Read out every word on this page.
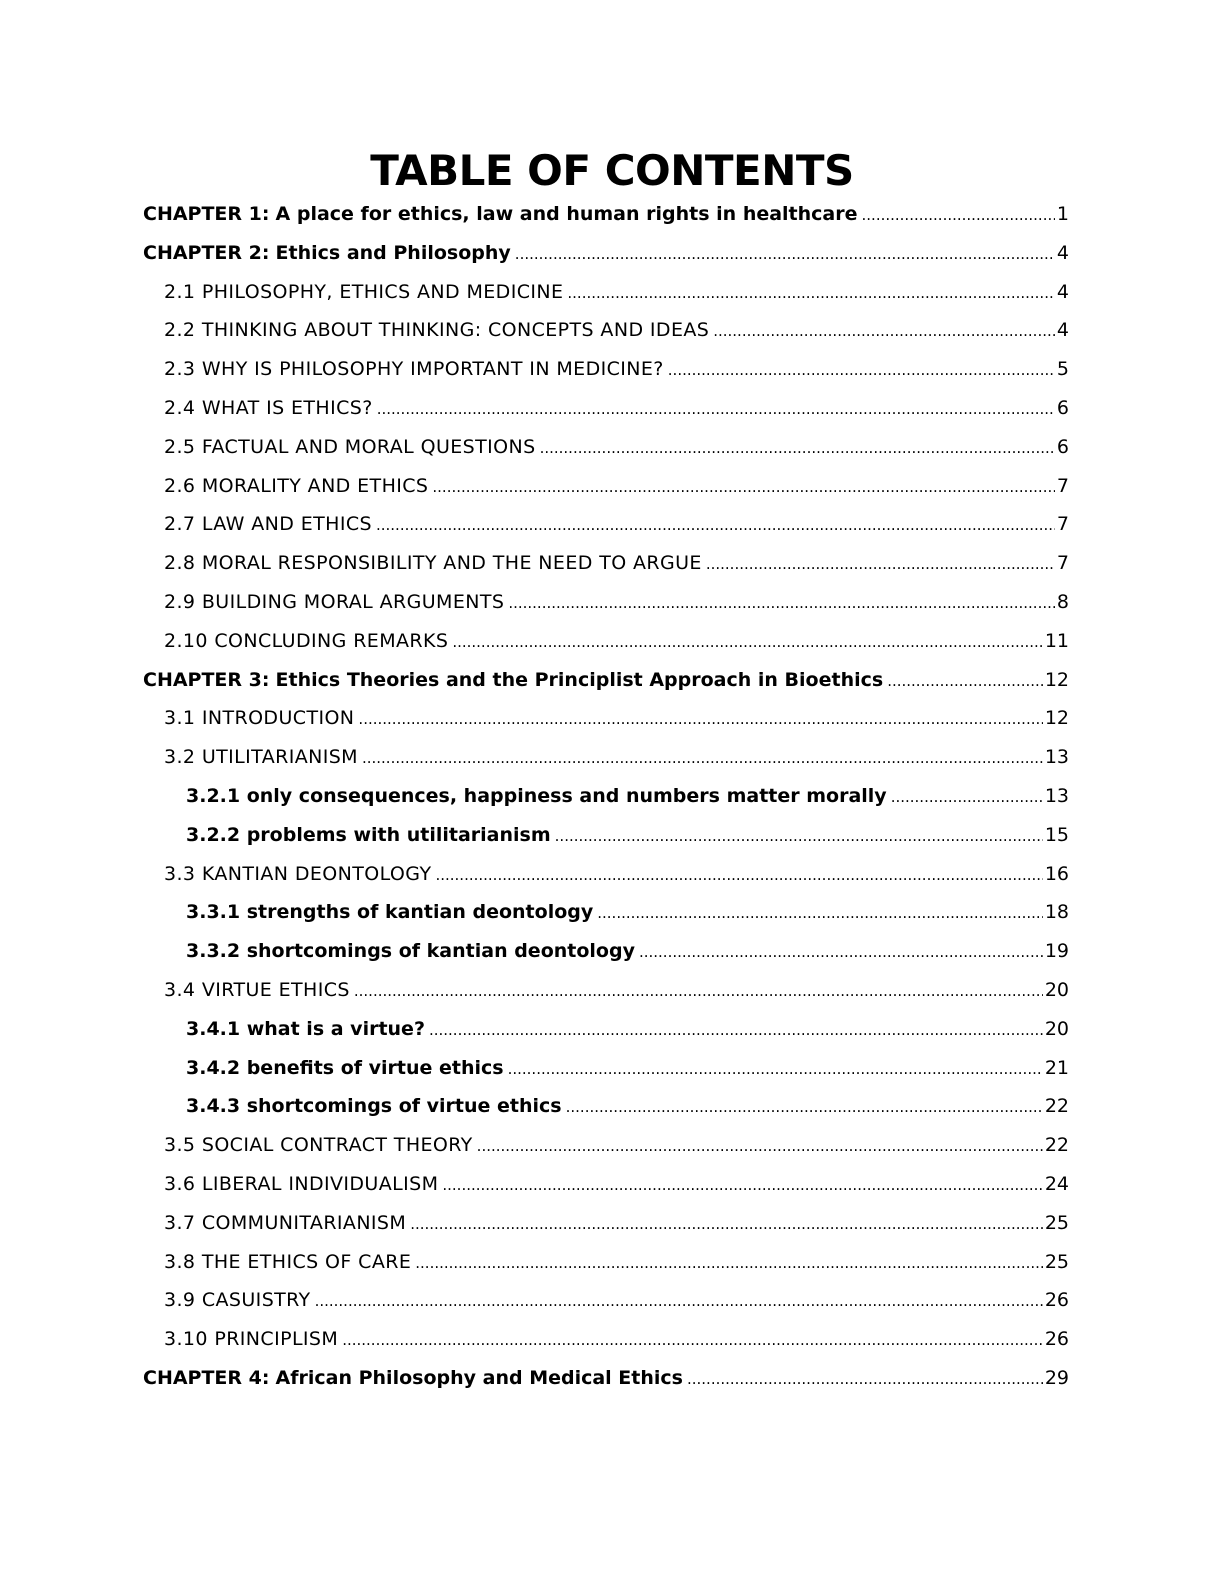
TABLE OF CONTENTS
CHAPTER 1: A place for ethics, law and human rights in healthcare .....	1
CHAPTER 2: Ethics and Philosophy .....	4
2.1 PHILOSOPHY, ETHICS AND MEDICINE .....	4
2.2 THINKING ABOUT THINKING: CONCEPTS AND IDEAS .....	4
2.3 WHY IS PHILOSOPHY IMPORTANT IN MEDICINE? .....	5
2.4 WHAT IS ETHICS? .....	6
2.5 FACTUAL AND MORAL QUESTIONS .....	6
2.6 MORALITY AND ETHICS .....	7
2.7 LAW AND ETHICS .....	7
2.8 MORAL RESPONSIBILITY AND THE NEED TO ARGUE .....	7
2.9 BUILDING MORAL ARGUMENTS .....	8
2.10 CONCLUDING REMARKS .....	11
CHAPTER 3: Ethics Theories and the Principlist Approach in Bioethics .....	12
3.1 INTRODUCTION .....	12
3.2 UTILITARIANISM .....	13
3.2.1 only consequences, happiness and numbers matter morally .....	13
3.2.2 problems with utilitarianism .....	15
3.3 KANTIAN DEONTOLOGY .....	16
3.3.1 strengths of kantian deontology .....	18
3.3.2 shortcomings of kantian deontology .....	19
3.4 VIRTUE ETHICS .....	20
3.4.1 what is a virtue? .....	20
3.4.2 benefits of virtue ethics .....	21
3.4.3 shortcomings of virtue ethics .....	22
3.5 SOCIAL CONTRACT THEORY .....	22
3.6 LIBERAL INDIVIDUALISM .....	24
3.7 COMMUNITARIANISM .....	25
3.8 THE ETHICS OF CARE .....	25
3.9 CASUISTRY .....	26
3.10 PRINCIPLISM .....	26
CHAPTER 4: African Philosophy and Medical Ethics .....	29
